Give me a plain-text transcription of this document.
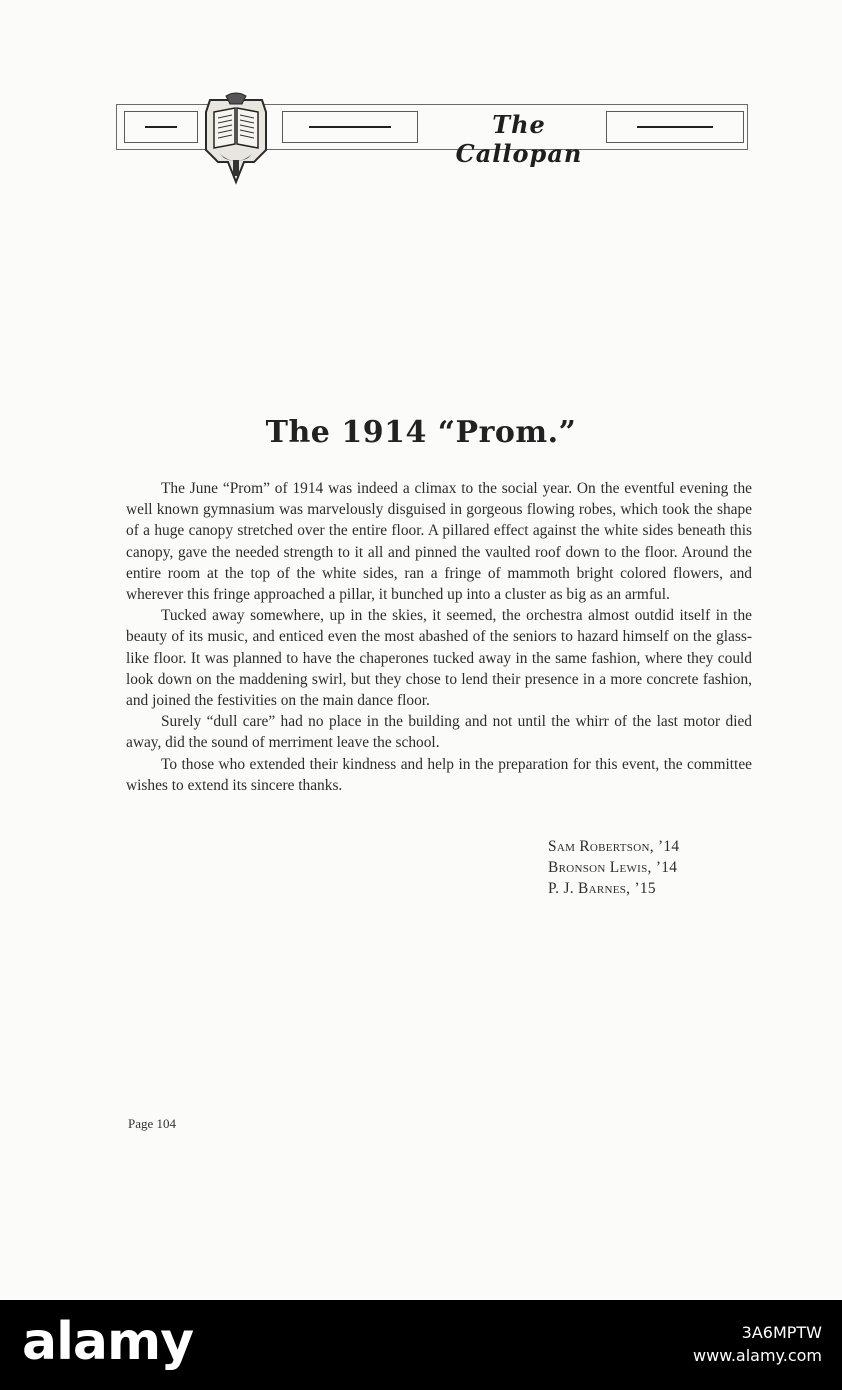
The Callopan
The 1914 “Prom.”

The June “Prom” of 1914 was indeed a climax to the social year. On the eventful evening the well known gymnasium was marvelously disguised in gorgeous flowing robes, which took the shape of a huge canopy stretched over the entire floor. A pillared effect against the white sides beneath this canopy, gave the needed strength to it all and pinned the vaulted roof down to the floor. Around the entire room at the top of the white sides, ran a fringe of mammoth bright colored flowers, and wherever this fringe approached a pillar, it bunched up into a cluster as big as an armful.

Tucked away somewhere, up in the skies, it seemed, the orchestra almost outdid itself in the beauty of its music, and enticed even the most abashed of the seniors to hazard himself on the glass-like floor. It was planned to have the chaperones tucked away in the same fashion, where they could look down on the maddening swirl, but they chose to lend their presence in a more concrete fashion, and joined the festivities on the main dance floor.

Surely “dull care” had no place in the building and not until the whirr of the last motor died away, did the sound of merriment leave the school.

To those who extended their kindness and help in the preparation for this event, the committee wishes to extend its sincere thanks.

Sam Robertson, ’14
Bronson Lewis, ’14
P. J. Barnes, ’15
Page 104
alamy	3A6MPTW
www.alamy.com
